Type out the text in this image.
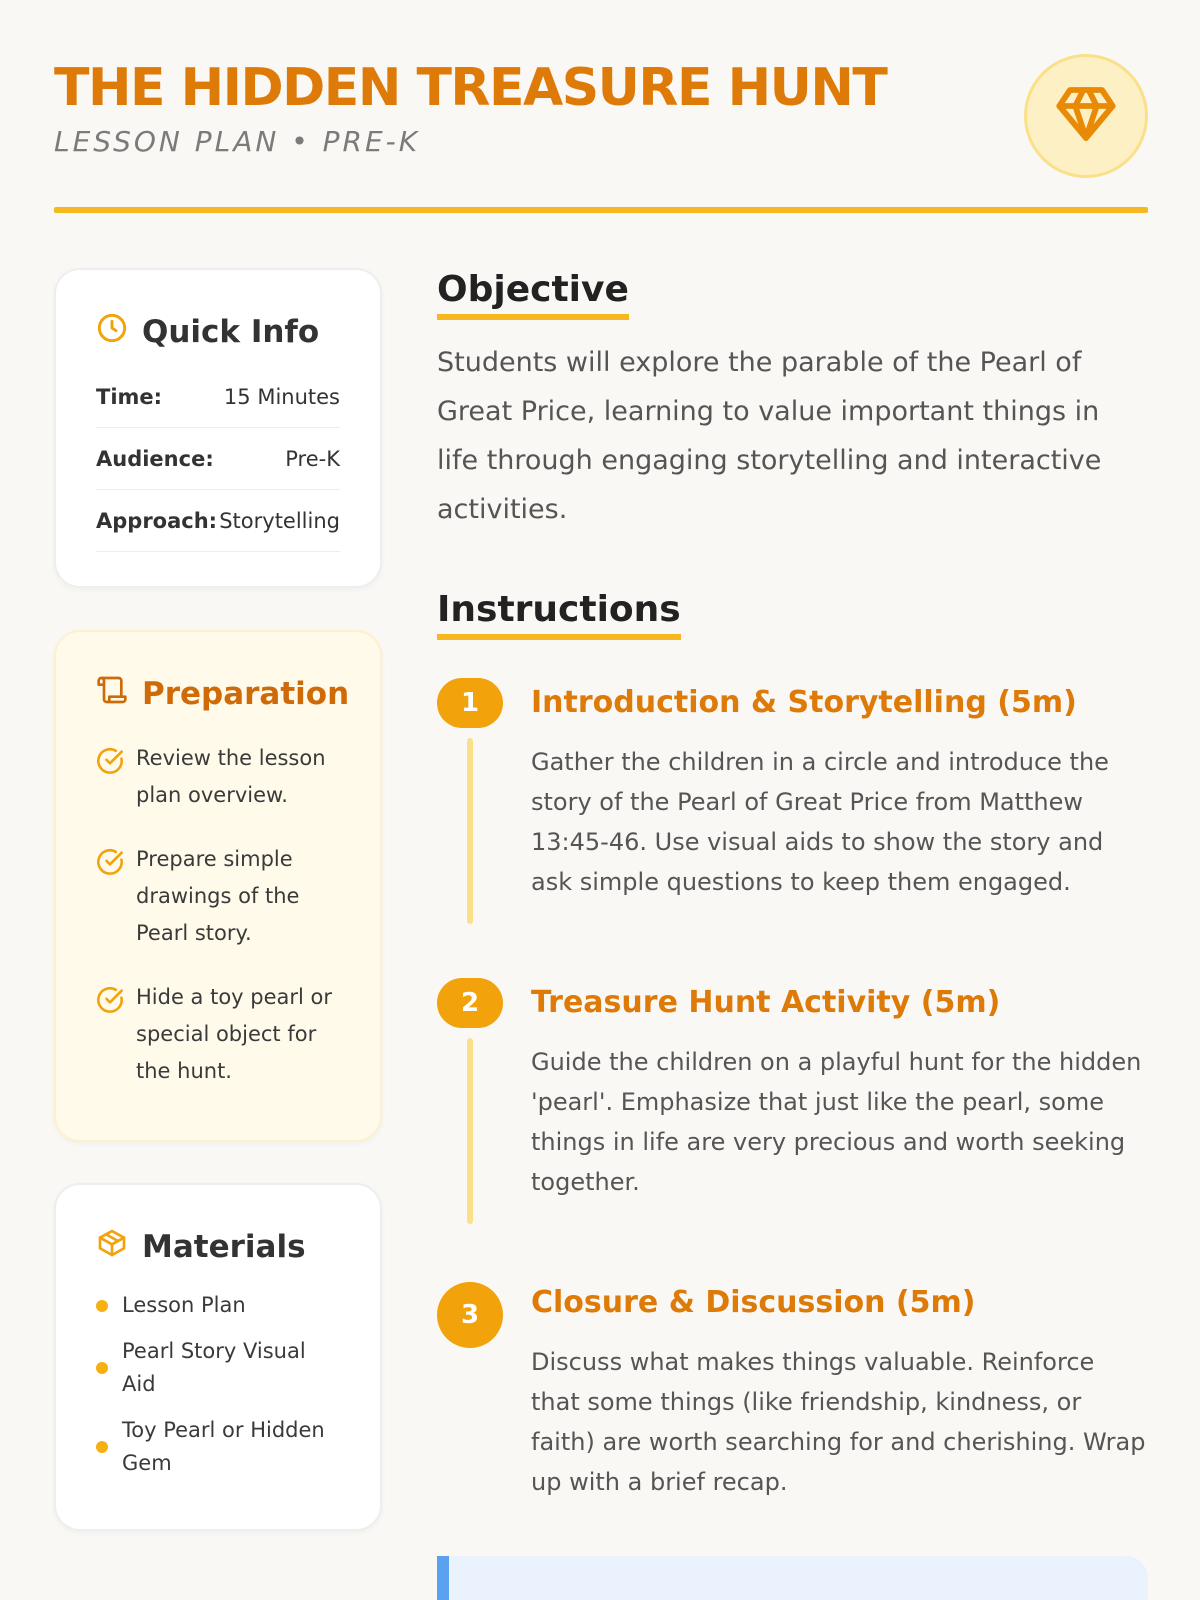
THE HIDDEN TREASURE HUNT
LESSON PLAN • PRE-K
Quick Info
Time:	15 Minutes
Audience:	Pre-K
Approach: Storytelling
Preparation
Review the lesson plan overview.
Prepare simple drawings of the Pearl story.
Hide a toy pearl or special object for the hunt.
Materials
Lesson Plan
Pearl Story Visual Aid
Toy Pearl or Hidden Gem
Objective

Students will explore the parable of the Pearl of Great Price, learning to value important things in life through engaging storytelling and interactive activities.

Instructions
1	Introduction & Storytelling (5m)
Gather the children in a circle and introduce the story of the Pearl of Great Price from Matthew 13:45-46. Use visual aids to show the story and ask simple questions to keep them engaged.
2	Treasure Hunt Activity (5m)
Guide the children on a playful hunt for the hidden 'pearl'. Emphasize that just like the pearl, some things in life are very precious and worth seeking together.
3	Closure & Discussion (5m)
Discuss what makes things valuable. Reinforce that some things (like friendship, kindness, or faith) are worth searching for and cherishing. Wrap up with a brief recap.
